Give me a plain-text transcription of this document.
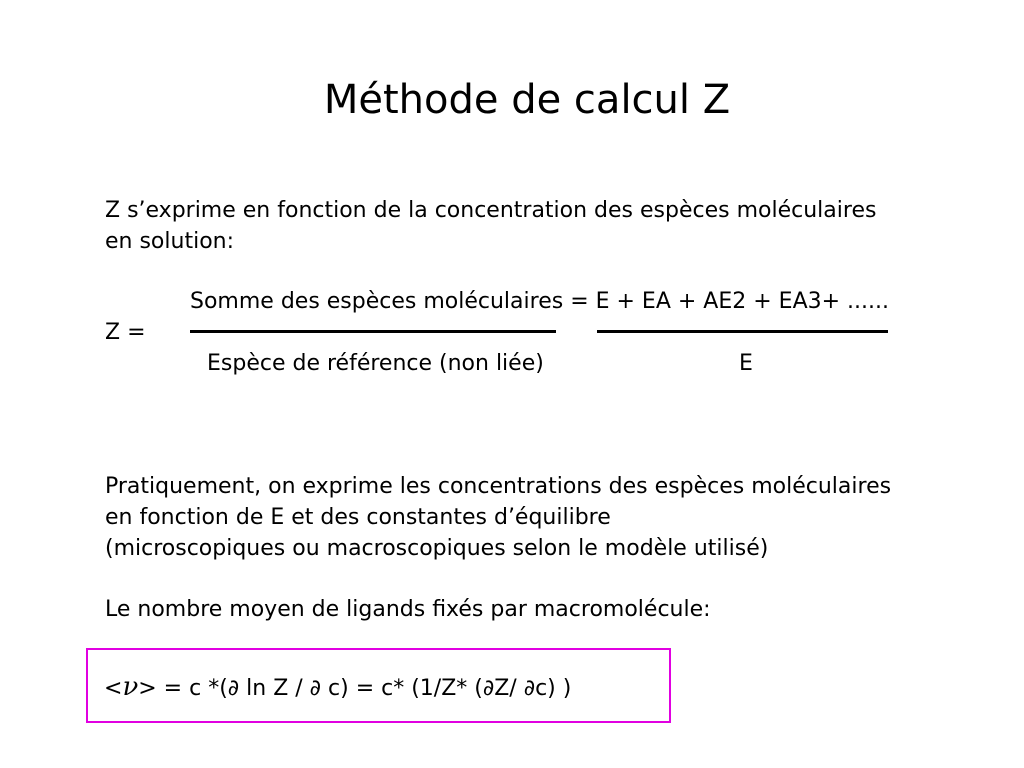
Méthode de calcul Z
Z s’exprime en fonction de la concentration des espèces moléculaires
en solution:
Somme des espèces moléculaires = E + EA + AE2 + EA3+ ......
Z =
Espèce de référence (non liée)	E
Pratiquement, on exprime les concentrations des espèces moléculaires
en fonction de E et des constantes d’équilibre
(microscopiques ou macroscopiques selon le modèle utilisé)
Le nombre moyen de ligands fixés par macromolécule:
<ν> = c *(∂ ln Z / ∂ c) = c* (1/Z* (∂Z/ ∂c) )
